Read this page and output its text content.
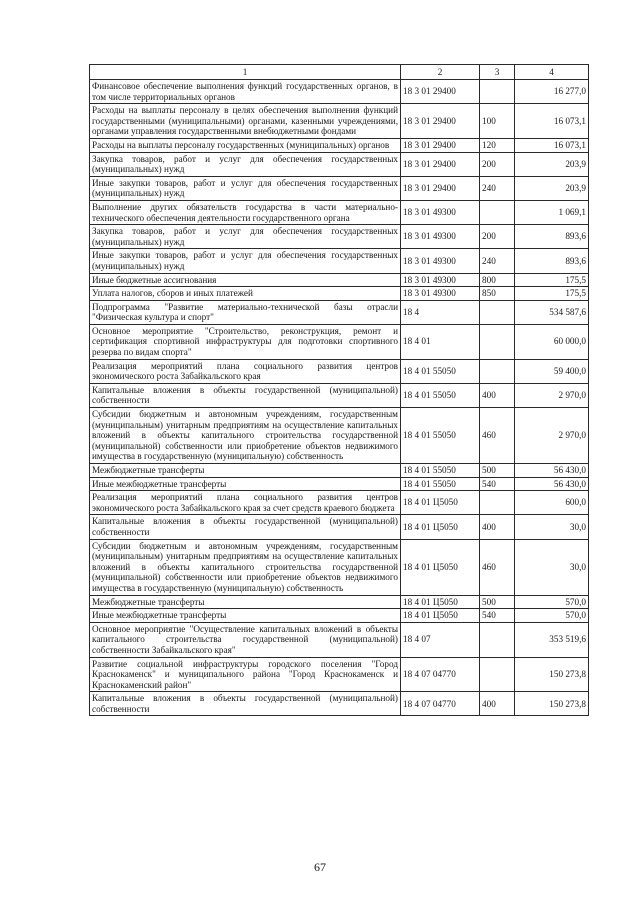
1	2	3	4
Финансовое обеспечение выполнения функций государственных органов, в том числе территориальных органов	18 3 01 29400		16 277,0
Расходы на выплаты персоналу в целях обеспечения выполнения функций государственными (муниципальными) органами, казенными учреждениями, органами управления государственными внебюджетными фондами	18 3 01 29400	100	16 073,1
Расходы на выплаты персоналу государственных (муниципальных) органов	18 3 01 29400	120	16 073,1
Закупка товаров, работ и услуг для обеспечения государственных (муниципальных) нужд	18 3 01 29400	200	203,9
Иные закупки товаров, работ и услуг для обеспечения государственных (муниципальных) нужд	18 3 01 29400	240	203,9
Выполнение других обязательств государства в части материально-технического обеспечения деятельности государственного органа	18 3 01 49300		1 069,1
Закупка товаров, работ и услуг для обеспечения государственных (муниципальных) нужд	18 3 01 49300	200	893,6
Иные закупки товаров, работ и услуг для обеспечения государственных (муниципальных) нужд	18 3 01 49300	240	893,6
Иные бюджетные ассигнования	18 3 01 49300	800	175,5
Уплата налогов, сборов и иных платежей	18 3 01 49300	850	175,5
Подпрограмма "Развитие материально-технической базы отрасли "Физическая культура и спорт"	18 4		534 587,6
Основное мероприятие "Строительство, реконструкция, ремонт и сертификация спортивной инфраструктуры для подготовки спортивного резерва по видам спорта"	18 4 01		60 000,0
Реализация мероприятий плана социального развития центров экономического роста Забайкальского края	18 4 01 55050		59 400,0
Капитальные вложения в объекты государственной (муниципальной) собственности	18 4 01 55050	400	2 970,0
Субсидии бюджетным и автономным учреждениям, государственным (муниципальным) унитарным предприятиям на осуществление капитальных вложений в объекты капитального строительства государственной (муниципальной) собственности или приобретение объектов недвижимого имущества в государственную (муниципальную) собственность	18 4 01 55050	460	2 970,0
Межбюджетные трансферты	18 4 01 55050	500	56 430,0
Иные межбюджетные трансферты	18 4 01 55050	540	56 430,0
Реализация мероприятий плана социального развития центров экономического роста Забайкальского края за счет средств краевого бюджета	18 4 01 Ц5050		600,0
Капитальные вложения в объекты государственной (муниципальной) собственности	18 4 01 Ц5050	400	30,0
Субсидии бюджетным и автономным учреждениям, государственным (муниципальным) унитарным предприятиям на осуществление капитальных вложений в объекты капитального строительства государственной (муниципальной) собственности или приобретение объектов недвижимого имущества в государственную (муниципальную) собственность	18 4 01 Ц5050	460	30,0
Межбюджетные трансферты	18 4 01 Ц5050	500	570,0
Иные межбюджетные трансферты	18 4 01 Ц5050	540	570,0
Основное мероприятие "Осуществление капитальных вложений в объекты капитального строительства государственной (муниципальной) собственности Забайкальского края"	18 4 07		353 519,6
Развитие социальной инфраструктуры городского поселения "Город Краснокаменск" и муниципального района "Город Краснокаменск и Краснокаменский район"	18 4 07 04770		150 273,8
Капитальные вложения в объекты государственной (муниципальной) собственности	18 4 07 04770	400	150 273,8
67
